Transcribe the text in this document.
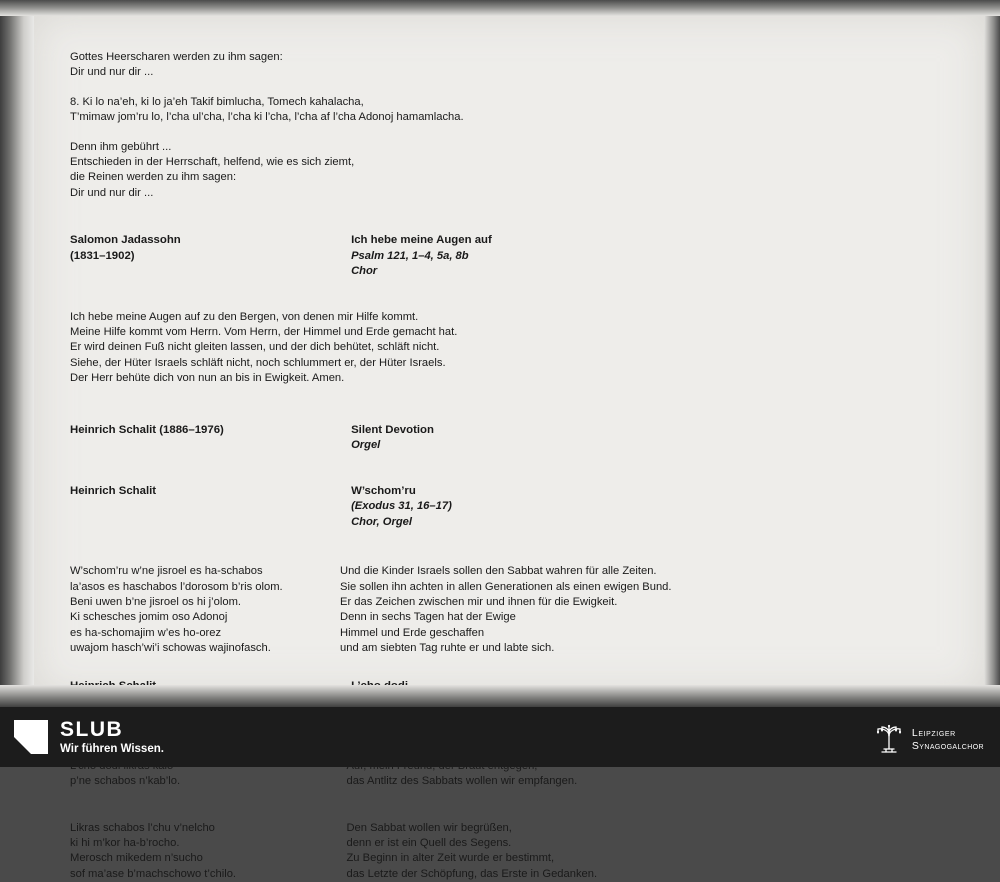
Gottes Heerscharen werden zu ihm sagen:
Dir und nur dir ...
8. Ki lo na’eh, ki lo ja’eh Takif bimlucha, Tomech kahalacha,
T’mimaw jom’ru lo, l’cha ul’cha, l’cha ki l’cha, l’cha af l’cha Adonoj hamamlacha.
Denn ihm gebührt ...
Entschieden in der Herrschaft, helfend, wie es sich ziemt,
die Reinen werden zu ihm sagen:
Dir und nur dir ...
Salomon Jadassohn
(1831–1902)
Ich hebe meine Augen auf
Psalm 121, 1–4, 5a, 8b
Chor
Ich hebe meine Augen auf zu den Bergen, von denen mir Hilfe kommt.
Meine Hilfe kommt vom Herrn. Vom Herrn, der Himmel und Erde gemacht hat.
Er wird deinen Fuß nicht gleiten lassen, und der dich behütet, schläft nicht.
Siehe, der Hüter Israels schläft nicht, noch schlummert er, der Hüter Israels.
Der Herr behüte dich von nun an bis in Ewigkeit. Amen.
Heinrich Schalit (1886–1976)	Silent Devotion
Orgel
Heinrich Schalit	W’schom’ru
(Exodus 31, 16–17)
Chor, Orgel
W’schom’ru w’ne jisroel es ha-schabos
la’asos es haschabos l’dorosom b’ris olom.
Beni uwen b’ne jisroel os hi j’olom.
Ki schesches jomim oso Adonoj
es ha-schomajim w’es ho-orez
uwajom hasch’wi’i schowas wajinofasch.
Und die Kinder Israels sollen den Sabbat wahren für alle Zeiten.
Sie sollen ihn achten in allen Generationen als einen ewigen Bund.
Er das Zeichen zwischen mir und ihnen für die Ewigkeit.
Denn in sechs Tagen hat der Ewige
Himmel und Erde geschaffen
und am siebten Tag ruhte er und labte sich.
p’ne schabos n’kab’lo.

Likras schabos l’chu v’nelcho
ki hi m’kor ha-b’rocho.
Merosch mikedem n’sucho
sof ma’ase b’machschowo t’chilo.
das Antlitz des Sabbats wollen wir empfangen.

Den Sabbat wollen wir begrüßen,
denn er ist ein Quell des Segens.
Zu Beginn in alter Zeit wurde er bestimmt,
das Letzte der Schöpfung, das Erste in Gedanken.
SLUB
Wir führen Wissen.
Leipziger
Synagogalchor
